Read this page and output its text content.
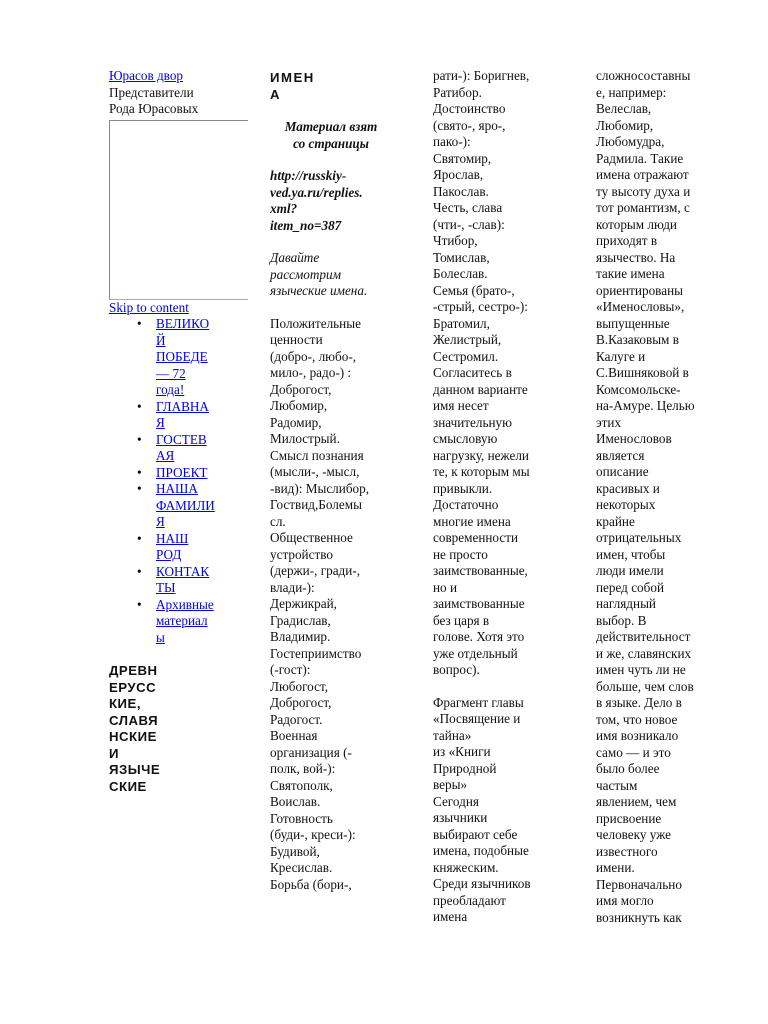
Юрасов двор
Представители
Рода Юрасовых
Skip to content
• ВЕЛИКО
Й
ПОБЕДЕ
— 72
года!
• ГЛАВНА
Я
• ГОСТЕВ
АЯ
• ПРОЕКТ
• НАША
ФАМИЛИ
Я
• НАШ
РОД
• КОНТАК
ТЫ
• Архивные
материал
ы
ДРЕВН
ЕРУСС
КИЕ,
СЛАВЯ
НСКИЕ
И
ЯЗЫЧЕ
СКИЕ
ИМЕН
А
Материал взят
со страницы
http://russkiy-
ved.ya.ru/replies.
xml?
item_no=387
Давайте
рассмотрим
языческие имена.
Положительные
ценности
(добро-, любо-,
мило-, радо-) :
Доброгост,
Любомир,
Радомир,
Милострый.
Смысл познания
(мысли-, -мысл,
-вид): Мыслибор,
Гоствид,Болемы
сл.
Общественное
устройство
(держи-, гради-,
влади-):
Держикрай,
Градислав,
Владимир.
Гостеприимство
(-гост):
Любогост,
Доброгост,
Радогост.
Военная
организация (-
полк, вой-):
Святополк,
Воислав.
Готовность
(буди-, креси-):
Будивой,
Кресислав.
Борьба (бори-,
рати-): Боригнев,
Ратибор.
Достоинство
(свято-, яро-,
пако-):
Святомир,
Ярослав,
Пакослав.
Честь, слава
(чти-, -слав):
Чтибор,
Томислав,
Болеслав.
Семья (брато-,
-стрый, сестро-):
Братомил,
Желистрый,
Сестромил.
Согласитесь в
данном варианте
имя несет
значительную
смысловую
нагрузку, нежели
те, к которым мы
привыкли.
Достаточно
многие имена
современности
не просто
заимствованные,
но и
заимствованные
без царя в
голове. Хотя это
уже отдельный
вопрос).
Фрагмент главы
«Посвящение и
тайна»
из «Книги
Природной
веры»
Сегодня
язычники
выбирают себе
имена, подобные
княжеским.
Среди язычников
преобладают
имена
сложносоставны
е, например:
Велеслав,
Любомир,
Любомудра,
Радмила. Такие
имена отражают
ту высоту духа и
тот романтизм, с
которым люди
приходят в
язычество. На
такие имена
ориентированы
«Именословы»,
выпущенные
В.Казаковым в
Калуге и
С.Вишняковой в
Комсомольске-
на-Амуре. Целью
этих
Именословов
является
описание
красивых и
некоторых
крайне
отрицательных
имен, чтобы
люди имели
перед собой
наглядный
выбор. В
действительност
и же, славянских
имен чуть ли не
больше, чем слов
в языке. Дело в
том, что новое
имя возникало
само — и это
было более
частым
явлением, чем
присвоение
человеку уже
известного
имени.
Первоначально
имя могло
возникнуть как
